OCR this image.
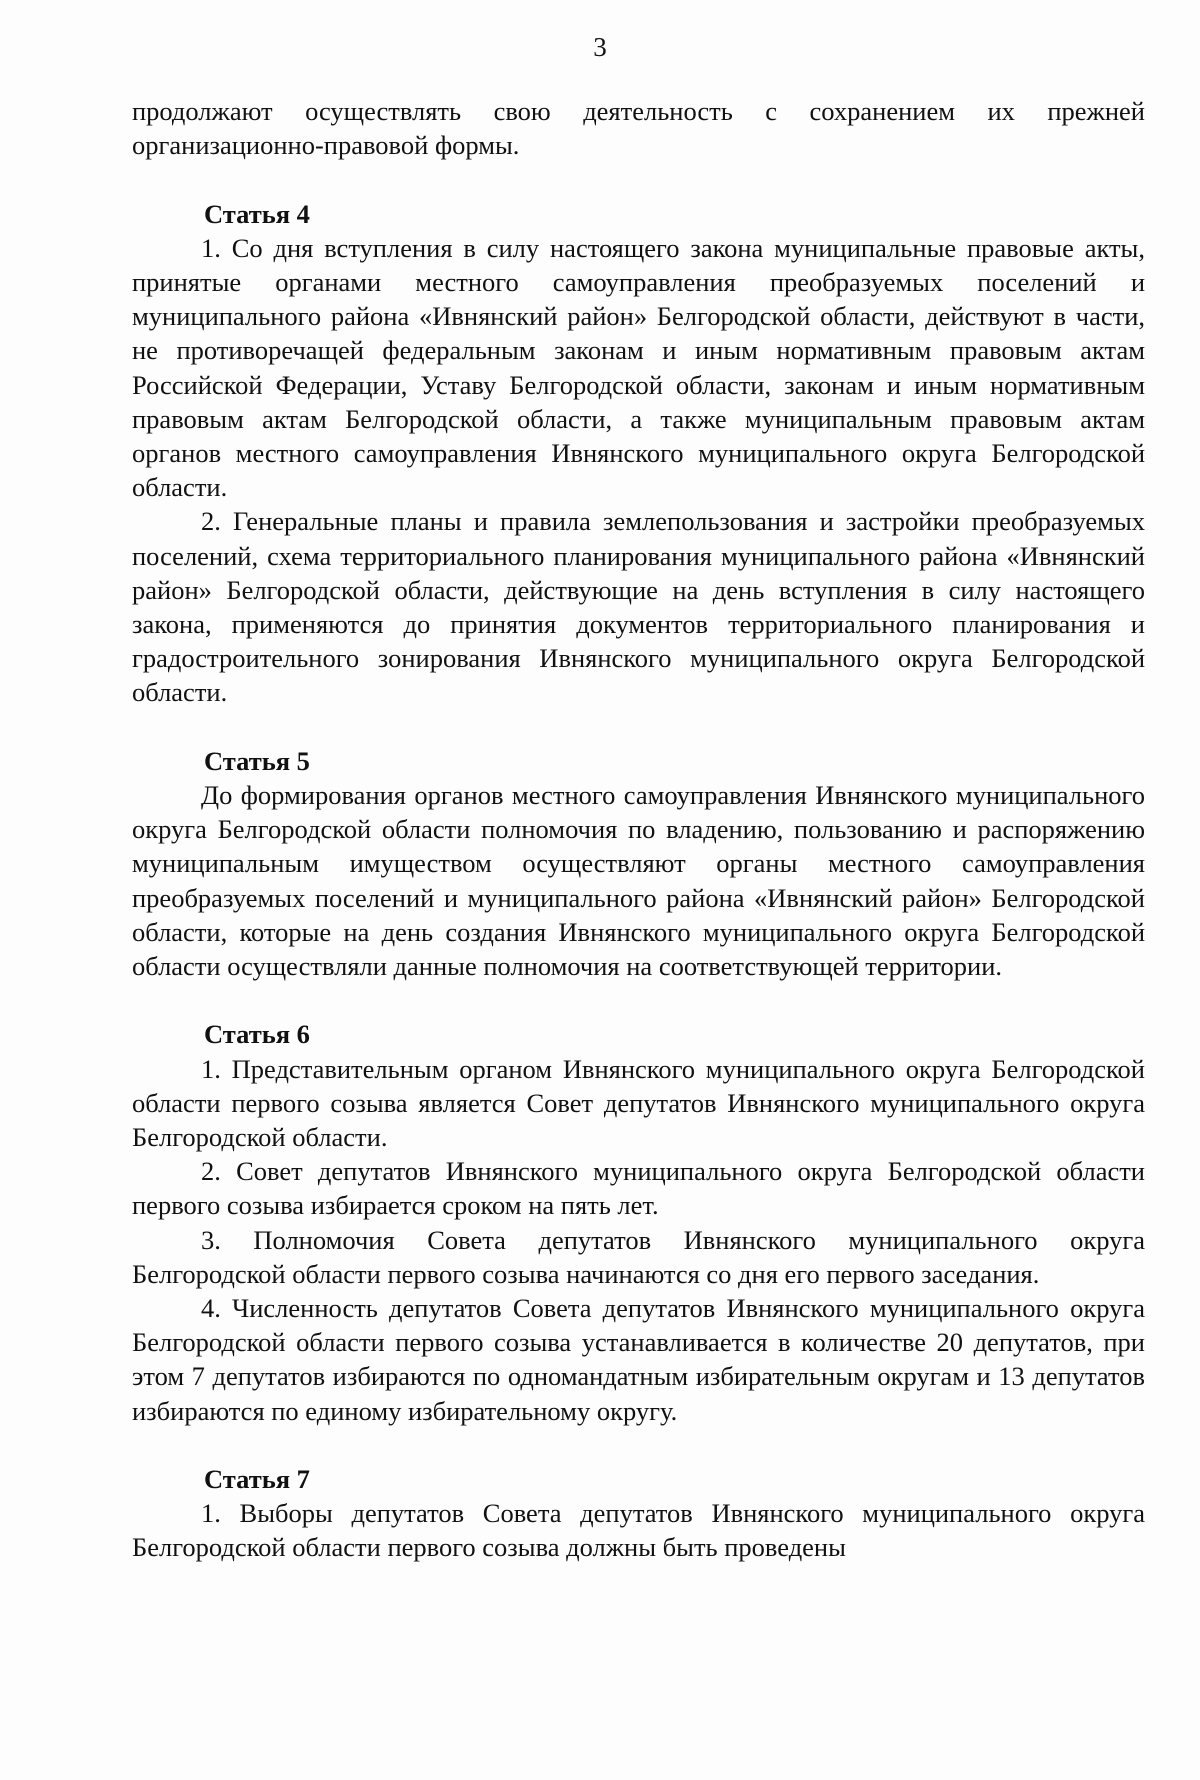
3

продолжают осуществлять свою деятельность с сохранением их прежней организационно-правовой формы.

Статья 4

1. Со дня вступления в силу настоящего закона муниципальные правовые акты, принятые органами местного самоуправления преобразуемых поселений и муниципального района «Ивнянский район» Белгородской области, действуют в части, не противоречащей федеральным законам и иным нормативным правовым актам Российской Федерации, Уставу Белгородской области, законам и иным нормативным правовым актам Белгородской области, а также муниципальным правовым актам органов местного самоуправления Ивнянского муниципального округа Белгородской области.

2. Генеральные планы и правила землепользования и застройки преобразуемых поселений, схема территориального планирования муниципального района «Ивнянский район» Белгородской области, действующие на день вступления в силу настоящего закона, применяются до принятия документов территориального планирования и градостроительного зонирования Ивнянского муниципального округа Белгородской области.

Статья 5

До формирования органов местного самоуправления Ивнянского муниципального округа Белгородской области полномочия по владению, пользованию и распоряжению муниципальным имуществом осуществляют органы местного самоуправления преобразуемых поселений и муниципального района «Ивнянский район» Белгородской области, которые на день создания Ивнянского муниципального округа Белгородской области осуществляли данные полномочия на соответствующей территории.

Статья 6

1. Представительным органом Ивнянского муниципального округа Белгородской области первого созыва является Совет депутатов Ивнянского муниципального округа Белгородской области.

2. Совет депутатов Ивнянского муниципального округа Белгородской области первого созыва избирается сроком на пять лет.

3. Полномочия Совета депутатов Ивнянского муниципального округа Белгородской области первого созыва начинаются со дня его первого заседания.

4. Численность депутатов Совета депутатов Ивнянского муниципального округа Белгородской области первого созыва устанавливается в количестве 20 депутатов, при этом 7 депутатов избираются по одномандатным избирательным округам и 13 депутатов избираются по единому избирательному округу.

Статья 7

1. Выборы депутатов Совета депутатов Ивнянского муниципального округа Белгородской области первого созыва должны быть проведены
